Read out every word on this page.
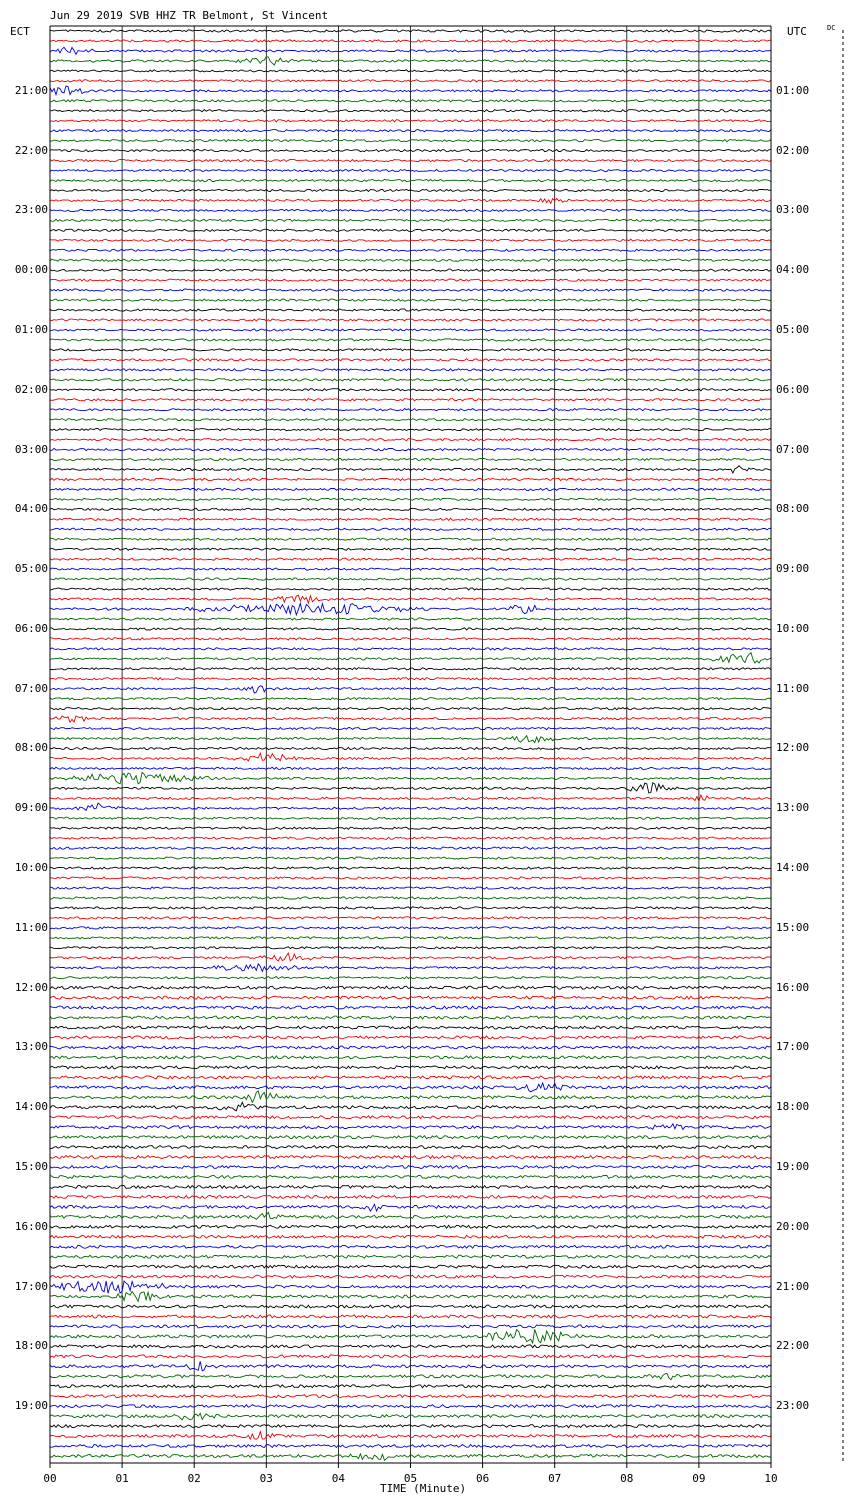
Jun 29 2019 SVB HHZ TR Belmont, St Vincent
ECT	UTC	DC
TIME (Minute)
21:00
22:00
23:00
00:00
01:00
02:00
03:00
04:00
05:00
06:00
07:00
08:00
09:00
10:00
11:00
12:00
13:00
14:00
15:00
16:00
17:00
18:00
19:00
01:00
02:00
03:00
04:00
05:00
06:00
07:00
08:00
09:00
10:00
11:00
12:00
13:00
14:00
15:00
16:00
17:00
18:00
19:00
20:00
21:00
22:00
23:00
00	01	02	03	04	05	06	07	08	09	10
